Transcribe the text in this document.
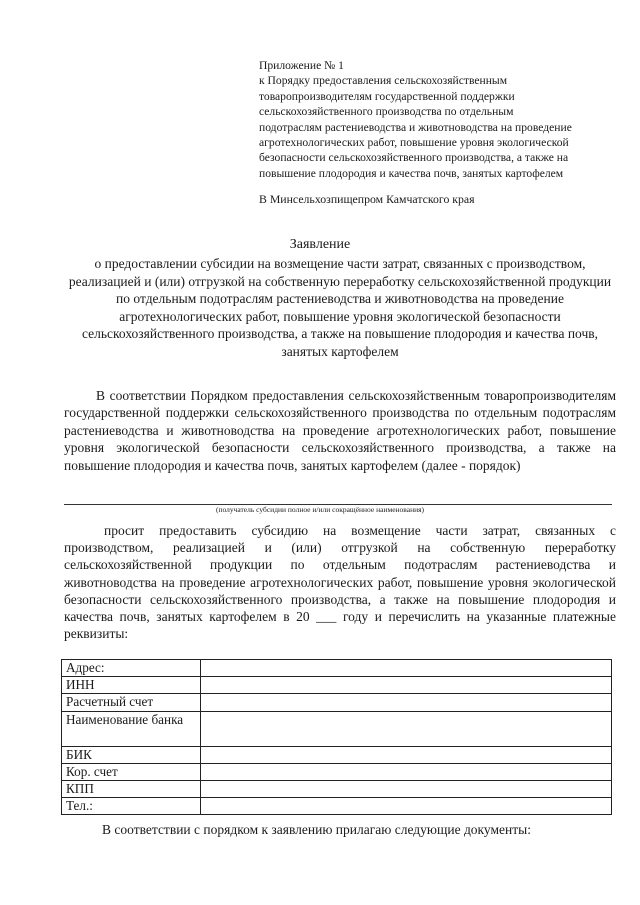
Приложение № 1

к Порядку предоставления сельскохозяйственным

товаропроизводителям государственной поддержки

сельскохозяйственного производства по отдельным

подотраслям растениеводства и животноводства на проведение

агротехнологических работ, повышение уровня экологической

безопасности сельскохозяйственного производства, а также на

повышение плодородия и качества почв, занятых картофелем

В Минсельхозпищепром Камчатского края
Заявление
о предоставлении субсидии на возмещение части затрат, связанных с производством, реализацией и (или) отгрузкой на собственную переработку сельскохозяйственной продукции по отдельным подотраслям растениеводства и животноводства на проведение агротехнологических работ, повышение уровня экологической безопасности сельскохозяйственного производства, а также на повышение плодородия и качества почв, занятых картофелем
В соответствии Порядком предоставления сельскохозяйственным товаропроизводителям государственной поддержки сельскохозяйственного производства по отдельным подотраслям растениеводства и животноводства на проведение агротехнологических работ, повышение уровня экологической безопасности сельскохозяйственного производства, а также на повышение плодородия и качества почв, занятых картофелем (далее - порядок)
(получатель субсидии полное и/или сокращённое наименования)
просит предоставить субсидию на возмещение части затрат, связанных с производством, реализацией и (или) отгрузкой на собственную переработку сельскохозяйственной продукции по отдельным подотраслям растениеводства и животноводства на проведение агротехнологических работ, повышение уровня экологической безопасности сельскохозяйственного производства, а также на повышение плодородия и качества почв, занятых картофелем в 20 ___ году и перечислить на указанные платежные реквизиты:
Адрес:	
ИНН	
Расчетный счет	
Наименование банка	
БИК	
Кор. счет	
КПП	
Тел.:	
В соответствии с порядком к заявлению прилагаю следующие документы:
